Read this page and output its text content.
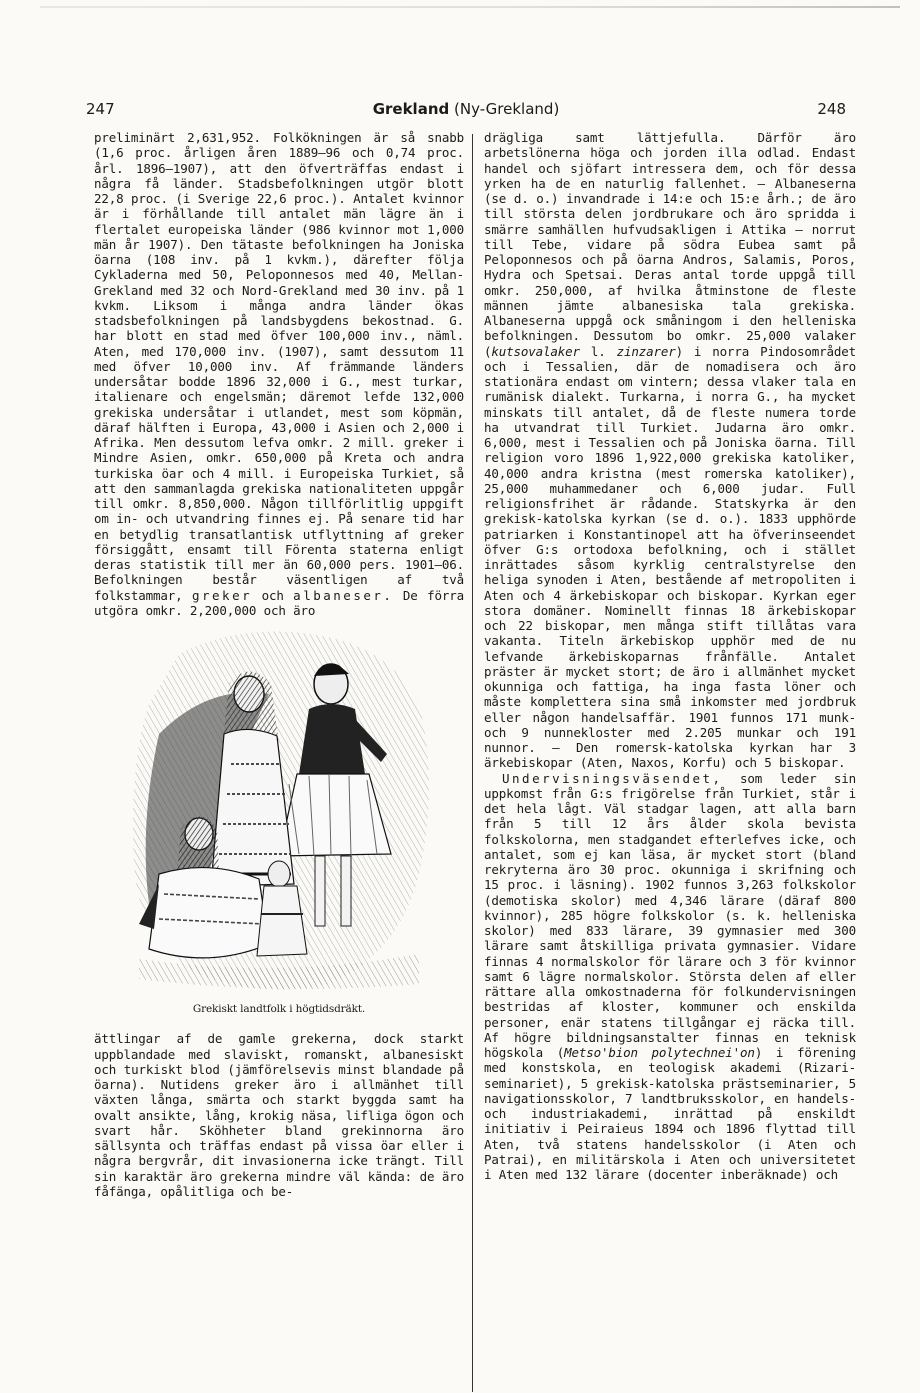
247	Grekland (Ny-Grekland)	248

preliminärt 2,631,952. Folkökningen är så snabb (1,6 proc. årligen åren 1889—96 och 0,74 proc. årl. 1896—1907), att den öfverträffas endast i några få länder. Stadsbefolkningen utgör blott 22,8 proc. (i Sverige 22,6 proc.). Antalet kvinnor är i förhållande till antalet män lägre än i flertalet europeiska länder (986 kvinnor mot 1,000 män år 1907). Den tätaste befolkningen ha Joniska öarna (108 inv. på 1 kvkm.), därefter följa Cykladerna med 50, Peloponnesos med 40, Mellan-Grekland med 32 och Nord-Grekland med 30 inv. på 1 kvkm. Liksom i många andra länder ökas stadsbefolkningen på landsbygdens bekostnad. G. har blott en stad med öfver 100,000 inv., näml. Aten, med 170,000 inv. (1907), samt dessutom 11 med öfver 10,000 inv. Af främmande länders undersåtar bodde 1896 32,000 i G., mest turkar, italienare och engelsmän; däremot lefde 132,000 grekiska undersåtar i utlandet, mest som köpmän, däraf hälften i Europa, 43,000 i Asien och 2,000 i Afrika. Men dessutom lefva omkr. 2 mill. greker i Mindre Asien, omkr. 650,000 på Kreta och andra turkiska öar och 4 mill. i Europeiska Turkiet, så att den sammanlagda grekiska nationaliteten uppgår till omkr. 8,850,000. Någon tillförlitlig uppgift om in- och utvandring finnes ej. På senare tid har en betydlig transatlantisk utflyttning af greker försiggått, ensamt till Förenta staterna enligt deras statistik till mer än 60,000 pers. 1901—06. Befolkningen består väsentligen af två folkstammar, greker och albaneser. De förra utgöra omkr. 2,200,000 och äro

Grekiskt landtfolk i högtidsdräkt.

ättlingar af de gamle grekerna, dock starkt uppblandade med slaviskt, romanskt, albanesiskt och turkiskt blod (jämförelsevis minst blandade på öarna). Nutidens greker äro i allmänhet till växten långa, smärta och starkt byggda samt ha ovalt ansikte, lång, krokig näsa, lifliga ögon och svart hår. Sköhheter bland grekinnorna äro sällsynta och träffas endast på vissa öar eller i några bergvrår, dit invasionerna icke trängt. Till sin karaktär äro grekerna mindre väl kända: de äro fåfänga, opålitliga och be-

drägliga samt lättjefulla. Därför äro arbetslönerna höga och jorden illa odlad. Endast handel och sjöfart intressera dem, och för dessa yrken ha de en naturlig fallenhet. — Albaneserna (se d. o.) invandrade i 14:e och 15:e årh.; de äro till största delen jordbrukare och äro spridda i smärre samhällen hufvudsakligen i Attika — norrut till Tebe, vidare på södra Eubea samt på Peloponnesos och på öarna Andros, Salamis, Poros, Hydra och Spetsai. Deras antal torde uppgå till omkr. 250,000, af hvilka åtminstone de fleste männen jämte albanesiska tala grekiska. Albaneserna uppgå ock småningom i den helleniska befolkningen. Dessutom bo omkr. 25,000 valaker (kutsovalaker l. zinzarer) i norra Pindosområdet och i Tessalien, där de nomadisera och äro stationära endast om vintern; dessa vlaker tala en rumänisk dialekt. Turkarna, i norra G., ha mycket minskats till antalet, då de fleste numera torde ha utvandrat till Turkiet. Judarna äro omkr. 6,000, mest i Tessalien och på Joniska öarna. Till religion voro 1896 1,922,000 grekiska katoliker, 40,000 andra kristna (mest romerska katoliker), 25,000 muhammedaner och 6,000 judar. Full religionsfrihet är rådande. Statskyrka är den grekisk-katolska kyrkan (se d. o.). 1833 upphörde patriarken i Konstantinopel att ha öfverinseendet öfver G:s ortodoxa befolkning, och i stället inrättades såsom kyrklig centralstyrelse den heliga synoden i Aten, bestående af metropoliten i Aten och 4 ärkebiskopar och biskopar. Kyrkan eger stora domäner. Nominellt finnas 18 ärkebiskopar och 22 biskopar, men många stift tillåtas vara vakanta. Titeln ärkebiskop upphör med de nu lefvande ärkebiskoparnas frånfälle. Antalet präster är mycket stort; de äro i allmänhet mycket okunniga och fattiga, ha inga fasta löner och måste komplettera sina små inkomster med jordbruk eller någon handelsaffär. 1901 funnos 171 munk- och 9 nunnekloster med 2.205 munkar och 191 nunnor. — Den romersk-katolska kyrkan har 3 ärkebiskopar (Aten, Naxos, Korfu) och 5 biskopar.

Undervisningsväsendet, som leder sin uppkomst från G:s frigörelse från Turkiet, står i det hela lågt. Väl stadgar lagen, att alla barn från 5 till 12 års ålder skola bevista folkskolorna, men stadgandet efterlefves icke, och antalet, som ej kan läsa, är mycket stort (bland rekryterna äro 30 proc. okunniga i skrifning och 15 proc. i läsning). 1902 funnos 3,263 folkskolor (demotiska skolor) med 4,346 lärare (däraf 800 kvinnor), 285 högre folkskolor (s. k. helleniska skolor) med 833 lärare, 39 gymnasier med 300 lärare samt åtskilliga privata gymnasier. Vidare finnas 4 normalskolor för lärare och 3 för kvinnor samt 6 lägre normalskolor. Största delen af eller rättare alla omkostnaderna för folkundervisningen bestridas af kloster, kommuner och enskilda personer, enär statens tillgångar ej räcka till. Af högre bildningsanstalter finnas en teknisk högskola (Metso'bion polytechnei'on) i förening med konstskola, en teologisk akademi (Rizari-seminariet), 5 grekisk-katolska prästseminarier, 5 navigationsskolor, 7 landtbruksskolor, en handels- och industriakademi, inrättad på enskildt initiativ i Peiraieus 1894 och 1896 flyttad till Aten, två statens handelsskolor (i Aten och Patrai), en militärskola i Aten och universitetet i Aten med 132 lärare (docenter inberäknade) och
